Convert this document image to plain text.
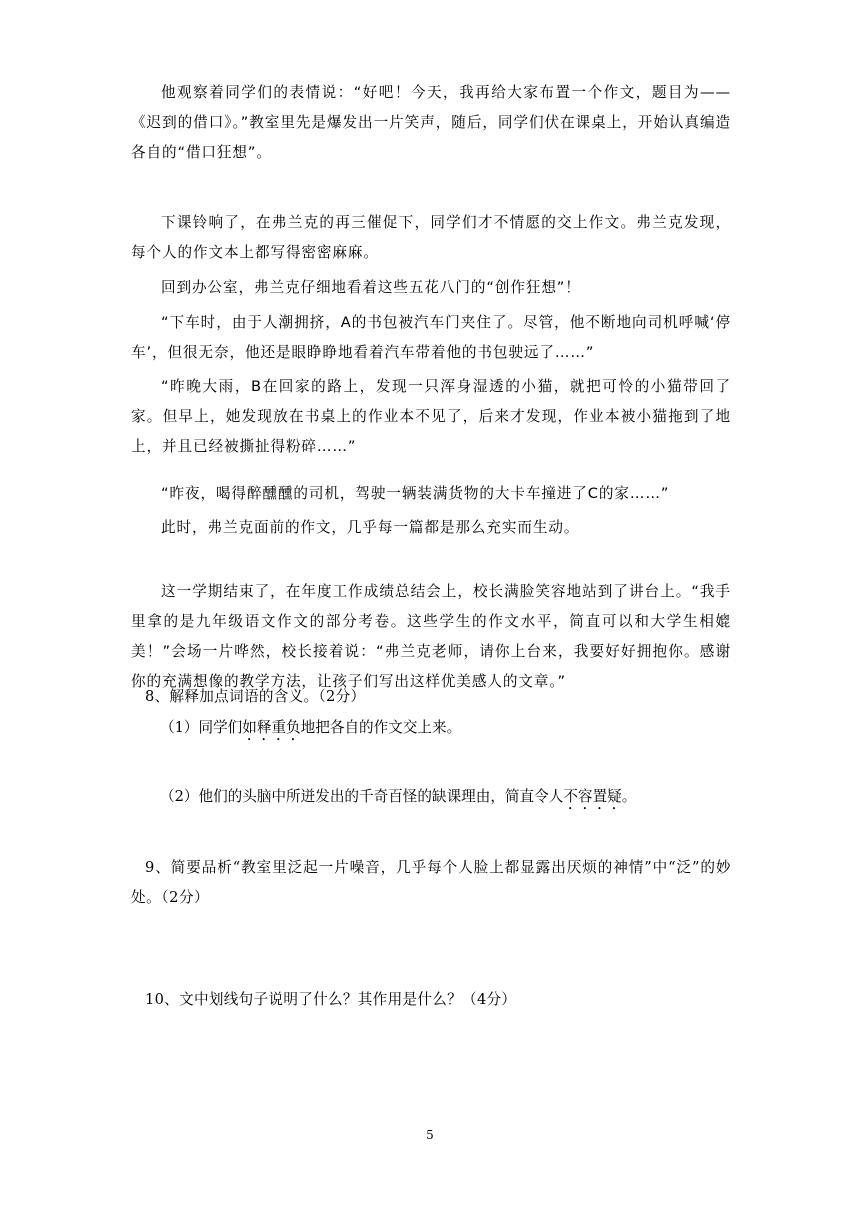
他观察着同学们的表情说：“好吧！今天，我再给大家布置一个作文，题目为——《迟到的借口》。”教室里先是爆发出一片笑声，随后，同学们伏在课桌上，开始认真编造各自的“借口狂想”。

下课铃响了，在弗兰克的再三催促下，同学们才不情愿的交上作文。弗兰克发现，每个人的作文本上都写得密密麻麻。

回到办公室，弗兰克仔细地看着这些五花八门的“创作狂想”！

“下车时，由于人潮拥挤，A的书包被汽车门夹住了。尽管，他不断地向司机呼喊‘停车’，但很无奈，他还是眼睁睁地看着汽车带着他的书包驶远了……”

“昨晚大雨，B在回家的路上，发现一只浑身湿透的小猫，就把可怜的小猫带回了家。但早上，她发现放在书桌上的作业本不见了，后来才发现，作业本被小猫拖到了地上，并且已经被撕扯得粉碎……”

“昨夜，喝得醉醺醺的司机，驾驶一辆装满货物的大卡车撞进了C的家……”

此时，弗兰克面前的作文，几乎每一篇都是那么充实而生动。

这一学期结束了，在年度工作成绩总结会上，校长满脸笑容地站到了讲台上。“我手里拿的是九年级语文作文的部分考卷。这些学生的作文水平，简直可以和大学生相媲美！”会场一片哗然，校长接着说：“弗兰克老师，请你上台来，我要好好拥抱你。感谢你的充满想像的教学方法，让孩子们写出这样优美感人的文章。”

8、解释加点词语的含义。（2分）

（1）同学们如释重负地把各自的作文交上来。

（2）他们的头脑中所迸发出的千奇百怪的缺课理由，简直令人不容置疑。

9、简要品析“教室里泛起一片噪音，几乎每个人脸上都显露出厌烦的神情”中“泛”的妙处。（2分）

10、文中划线句子说明了什么？其作用是什么？（4分）

5
